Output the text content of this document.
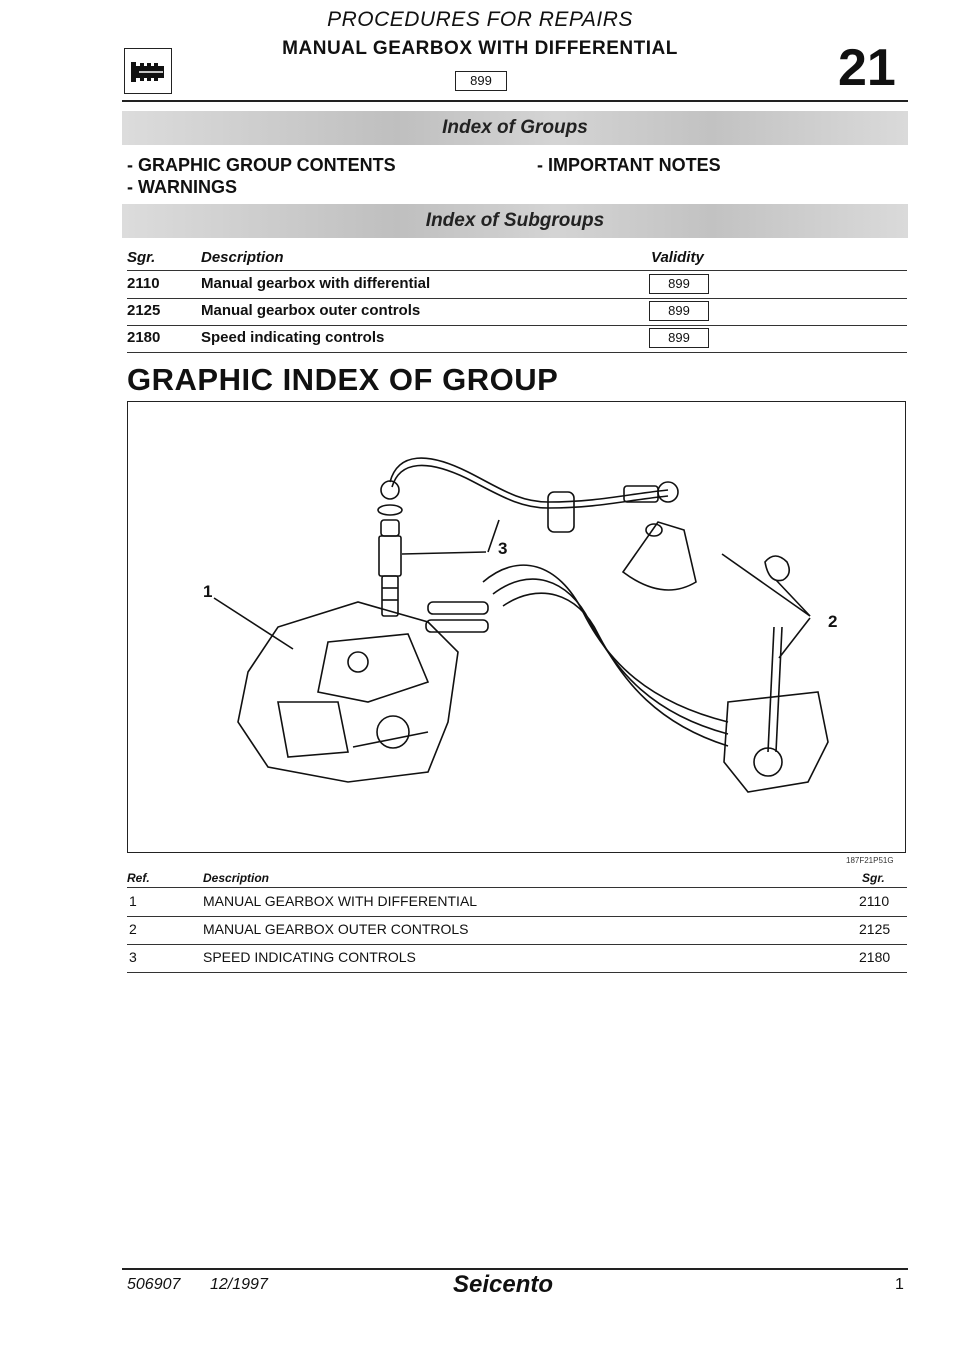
PROCEDURES FOR REPAIRS
MANUAL GEARBOX WITH DIFFERENTIAL
899	21
Index of Groups
- GRAPHIC GROUP CONTENTS
- WARNINGS
- IMPORTANT NOTES
Index of Subgroups
Sgr.	Description	Validity
2110	Manual gearbox with differential	899
2125	Manual gearbox outer controls	899
2180	Speed indicating controls	899
GRAPHIC INDEX OF GROUP
1
2
3
187F21P51G
Ref.	Description	Sgr.
1	MANUAL GEARBOX WITH DIFFERENTIAL	2110
2	MANUAL GEARBOX OUTER CONTROLS	2125
3	SPEED INDICATING CONTROLS	2180
506907 12/1997	Seicento	1
